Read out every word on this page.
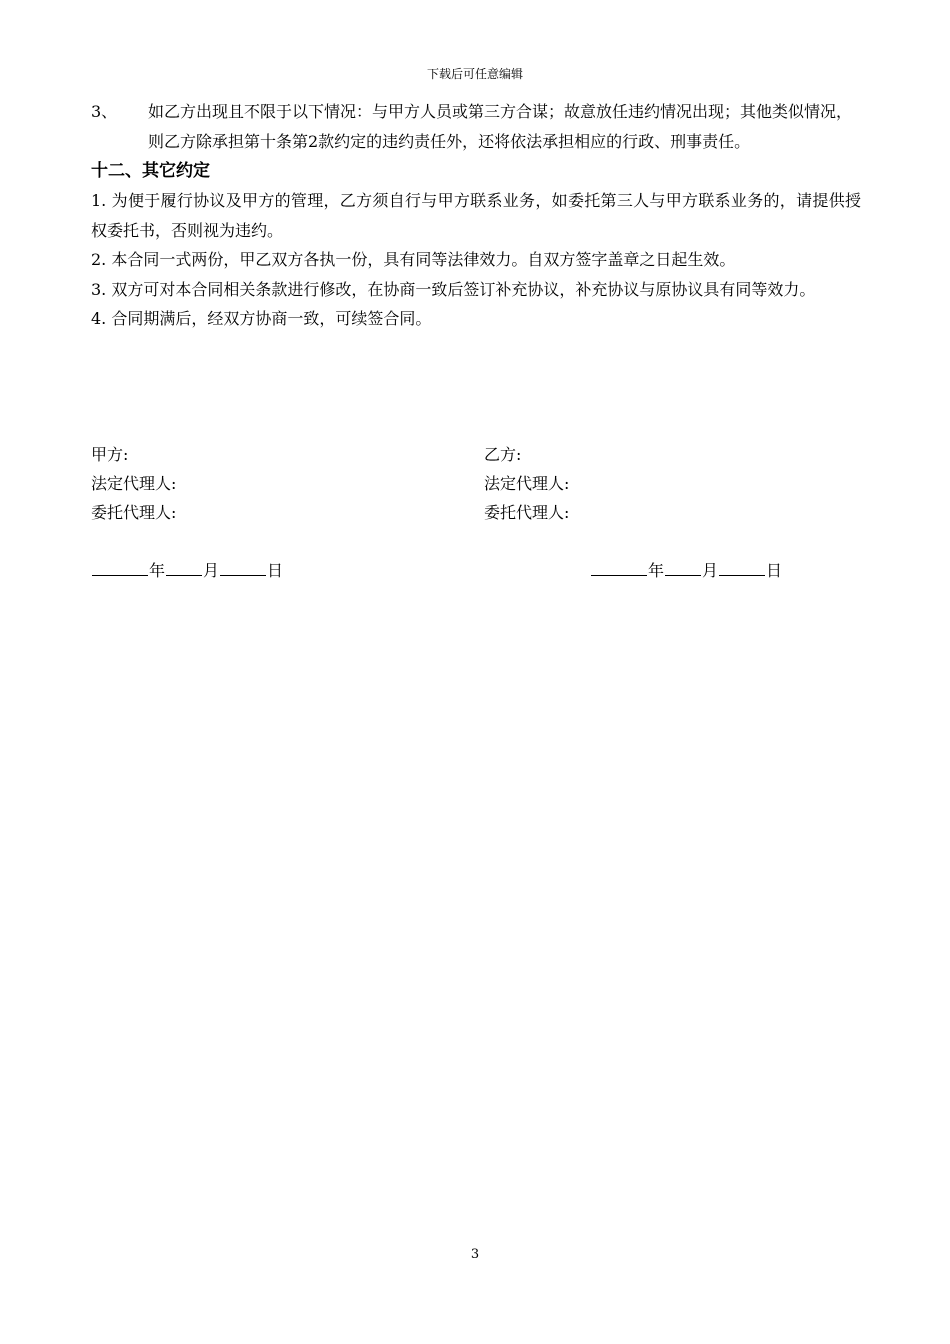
下载后可任意编辑
3、 如乙方出现且不限于以下情况：与甲方人员或第三方合谋；故意放任违约情况出现；其他类似情况，则乙方除承担第十条第2款约定的违约责任外，还将依法承担相应的行政、刑事责任。
十二、其它约定
1. 为便于履行协议及甲方的管理，乙方须自行与甲方联系业务，如委托第三人与甲方联系业务的，请提供授权委托书，否则视为违约。
2. 本合同一式两份，甲乙双方各执一份，具有同等法律效力。自双方签字盖章之日起生效。
3. 双方可对本合同相关条款进行修改，在协商一致后签订补充协议，补充协议与原协议具有同等效力。
4. 合同期满后，经双方协商一致，可续签合同。
甲方:
法定代理人:
委托代理人:
乙方:
法定代理人:
委托代理人:
年 月	日	年 月	日
3
